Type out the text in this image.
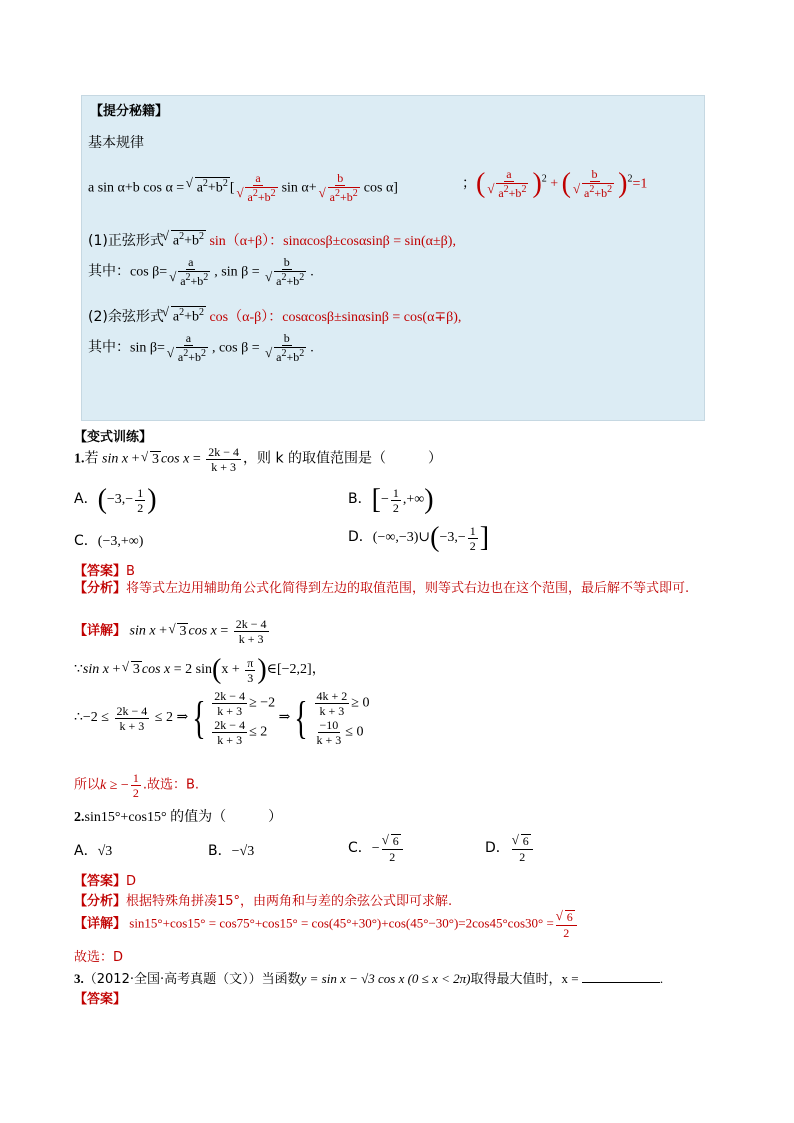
【提分秘籍】
基本规律
a sin α+b cos α = √ $a^2+b^2$ [ a
√ $a^2+b^2$ sin α+ b
√ $a^2+b^2$ cos α]	；( a
√ $a^2+b^2$ )$^2$ + ( b
√ $a^2+b^2$ )$^2$=1
(1)正弦形式 √ $a^2+b^2$ sin（α+β）：sinαcosβ±cosαsinβ = sin(α±β),
其中：cos β= a
√ $a^2+b^2$ , sin β = b
√ $a^2+b^2$ .
(2)余弦形式 √ $a^2+b^2$ cos（α-β）：cosαcosβ±sinαsinβ = cos(α∓β),
其中：sin β= a
√ $a^2+b^2$ , cos β = b
√ $a^2+b^2$ .
【变式训练】
1.若 sin x + √ 3 $\cos x = \frac{2k - 4}{k + 3}$ ，则 k 的取值范围是（　　　）
A．($-3,- \frac{1}{2}$ )	B．[− $\frac{1}{2}$ ,+∞)
C．(−3,+∞)	D．(−∞,−3)∪(−3,− $\frac{1}{2}$ ]
【答案】B
【分析】将等式左边用辅助角公式化简得到左边的取值范围，则等式右边也在这个范围，最后解不等式即可.
【详解】 sin x + √ 3 $\cos x = \frac{2k - 4}{k + 3}$
∵sin x + √ 3 cos x = 2 $\sin(x + \frac{\pi}{3}$ )∈[−2,2]，
∴−2 ≤ $\frac{2k - 4}{k + 3} \le 2$ ⇒{ $\frac{2k - 4}{k + 3} \ge -2$
$\frac{2k - 4}{k + 3} \le 2$
⇒{ $\frac{4k + 2}{k + 3} \ge 0$
$\frac{-10}{k + 3} \le 0$
所以k ≥ − $\frac{1}{2}$ .故选：B.
2.sin15°+cos15° 的值为（　　　）
A．√3	B．−√3	C．− √ $\frac{6}{2}$	D． √ $\frac{6}{2}$
【答案】D
【分析】根据特殊角拼凑15°，由两角和与差的余弦公式即可求解.
【详解】 sin15°+cos15° = cos75°+cos15° = cos(45°+30°)+cos(45°−30°)=2cos45°cos30° = √ $\frac{6}{2}$
故选：D
3.（2012·全国·高考真题（文））当函数y = sin x − √3 cos x (0 ≤ x < 2π)取得最大值时，x =	.
【答案】
